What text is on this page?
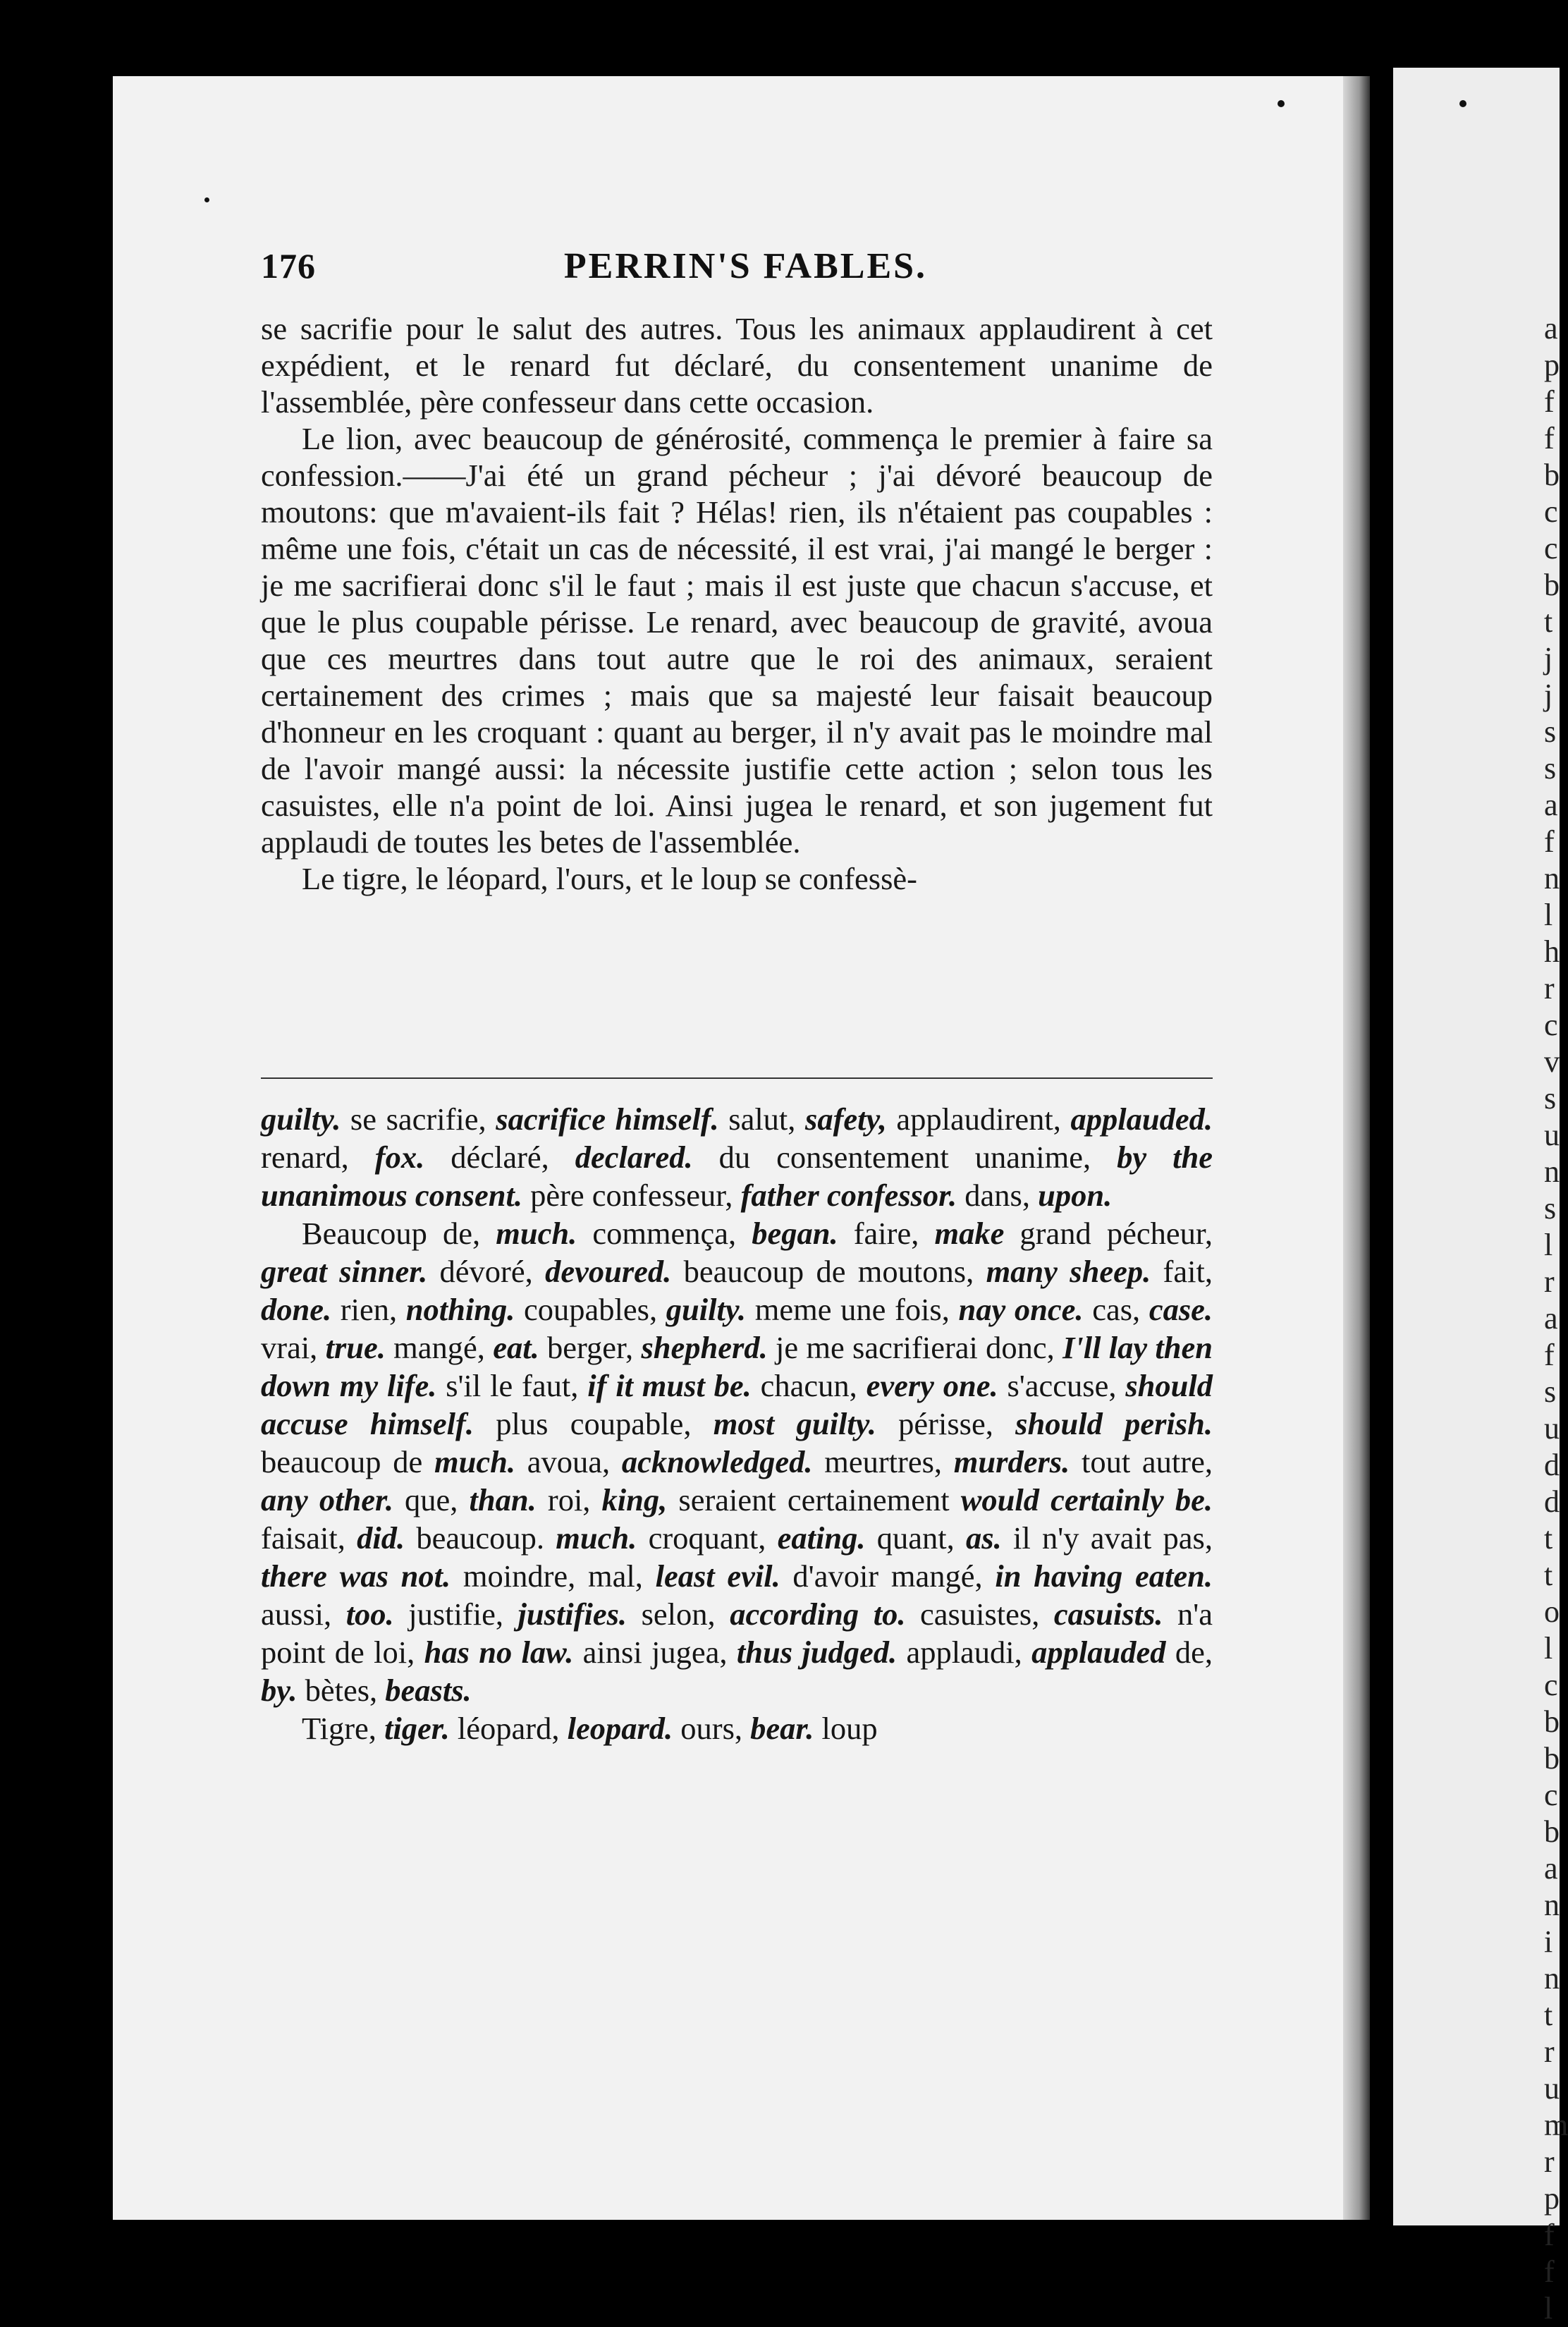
176	PERRIN'S FABLES.

se sacrifie pour le salut des autres. Tous les animaux applaudirent à cet expédient, et le renard fut déclaré, du consentement unanime de l'assemblée, père confesseur dans cette occasion.

Le lion, avec beaucoup de générosité, commença le premier à faire sa confession.——J'ai été un grand pécheur ; j'ai dévoré beaucoup de moutons: que m'avaient-ils fait ? Hélas! rien, ils n'étaient pas coupables : même une fois, c'était un cas de nécessité, il est vrai, j'ai mangé le berger : je me sacrifierai donc s'il le faut ; mais il est juste que chacun s'accuse, et que le plus coupable périsse. Le renard, avec beaucoup de gravité, avoua que ces meurtres dans tout autre que le roi des animaux, seraient certainement des crimes ; mais que sa majesté leur faisait beaucoup d'honneur en les croquant : quant au berger, il n'y avait pas le moindre mal de l'avoir mangé aussi: la nécessite justifie cette action ; selon tous les casuistes, elle n'a point de loi. Ainsi jugea le renard, et son jugement fut applaudi de toutes les betes de l'assemblée.

Le tigre, le léopard, l'ours, et le loup se confessè-

guilty. se sacrifie, sacrifice himself. salut, safety, applaudirent, applauded. renard, fox. déclaré, declared. du consentement unanime, by the unanimous consent. père confesseur, father confessor. dans, upon.

Beaucoup de, much. commença, began. faire, make grand pécheur, great sinner. dévoré, devoured. beaucoup de moutons, many sheep. fait, done. rien, nothing. coupables, guilty. meme une fois, nay once. cas, case. vrai, true. mangé, eat. berger, shepherd. je me sacrifierai donc, I'll lay then down my life. s'il le faut, if it must be. chacun, every one. s'accuse, should accuse himself. plus coupable, most guilty. périsse, should perish. beaucoup de much. avoua, acknowledged. meurtres, murders. tout autre, any other. que, than. roi, king, seraient certainement would certainly be. faisait, did. beaucoup. much. croquant, eating. quant, as. il n'y avait pas, there was not. moindre, mal, least evil. d'avoir mangé, in having eaten. aussi, too. justifie, justifies. selon, according to. casuistes, casuists. n'a point de loi, has no law. ainsi jugea, thus judged. applaudi, applauded de, by. bètes, beasts.

Tigre, tiger. léopard, leopard. ours, bear. loup

a
p
f
f
b
c
c
b
t
j
j
s
s
a
f
n
l
h
r
c
v
s
u
n
s
l
r
a
f
s
u
d
d
t
t
o
l
c
b
b
c
b
a
n
i
n
t
r
u
m
r
p
f
f
l
